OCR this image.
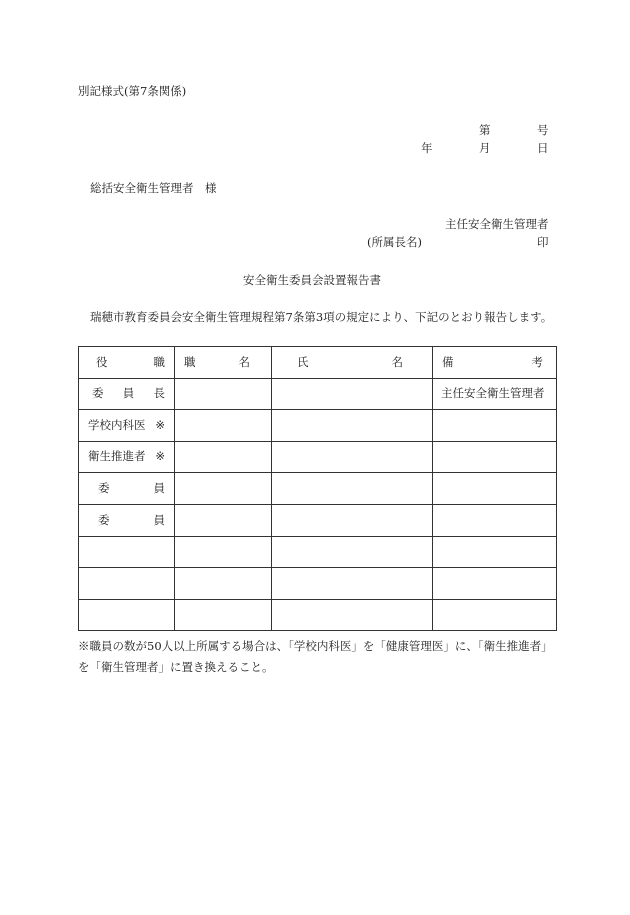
別記様式(第7条関係)
第	号
年	月	日
総括安全衛生管理者　様
主任安全衛生管理者
(所属長名)	印
安全衛生委員会設置報告書
瑞穂市教育委員会安全衛生管理規程第7条第3項の規定により、下記のとおり報告します。
役 職	職 名	氏 名	備 考

委 員 長			主任安全衛生管理者

学校内科医 ※			

衛生推進者 ※			

委 員			

委 員			

※職員の数が50人以上所属する場合は、「学校内科医」を「健康管理医」に、「衛生推進者」
を「衛生管理者」に置き換えること。
